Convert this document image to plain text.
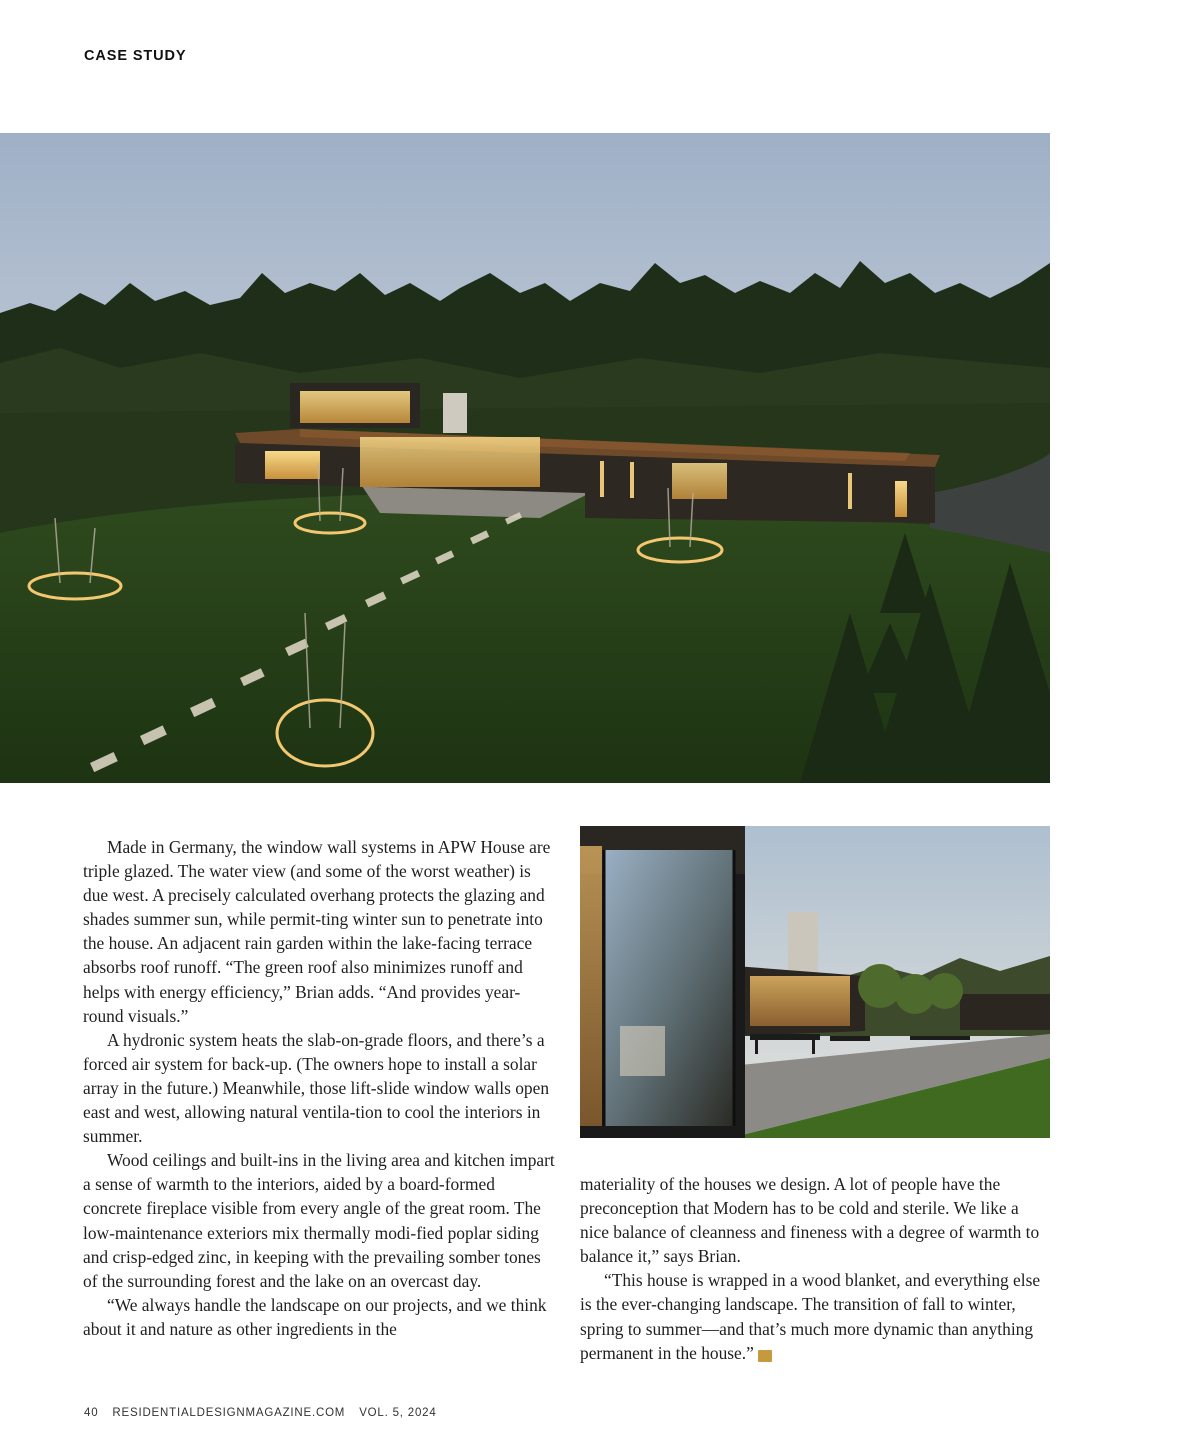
CASE STUDY

Made in Germany, the window wall systems in APW House are triple glazed. The water view (and some of the worst weather) is due west. A precisely calculated overhang protects the glazing and shades summer sun, while permit-ting winter sun to penetrate into the house. An adjacent rain garden within the lake-facing terrace absorbs roof runoff. “The green roof also minimizes runoff and helps with energy efficiency,” Brian adds. “And provides year-round visuals.”

A hydronic system heats the slab-on-grade floors, and there’s a forced air system for back-up. (The owners hope to install a solar array in the future.) Meanwhile, those lift-slide window walls open east and west, allowing natural ventila-tion to cool the interiors in summer.

Wood ceilings and built-ins in the living area and kitchen impart a sense of warmth to the interiors, aided by a board-formed concrete fireplace visible from every angle of the great room. The low-maintenance exteriors mix thermally modi-fied poplar siding and crisp-edged zinc, in keeping with the prevailing somber tones of the surrounding forest and the lake on an overcast day.

“We always handle the landscape on our projects, and we think about it and nature as other ingredients in the

materiality of the houses we design. A lot of people have the preconception that Modern has to be cold and sterile. We like a nice balance of cleanness and fineness with a degree of warmth to balance it,” says Brian.

“This house is wrapped in a wood blanket, and everything else is the ever-changing landscape. The transition of fall to winter, spring to summer—and that’s much more dynamic than anything permanent in the house.”	RD

40 RESIDENTIALDESIGNMAGAZINE.COM VOL. 5, 2024
